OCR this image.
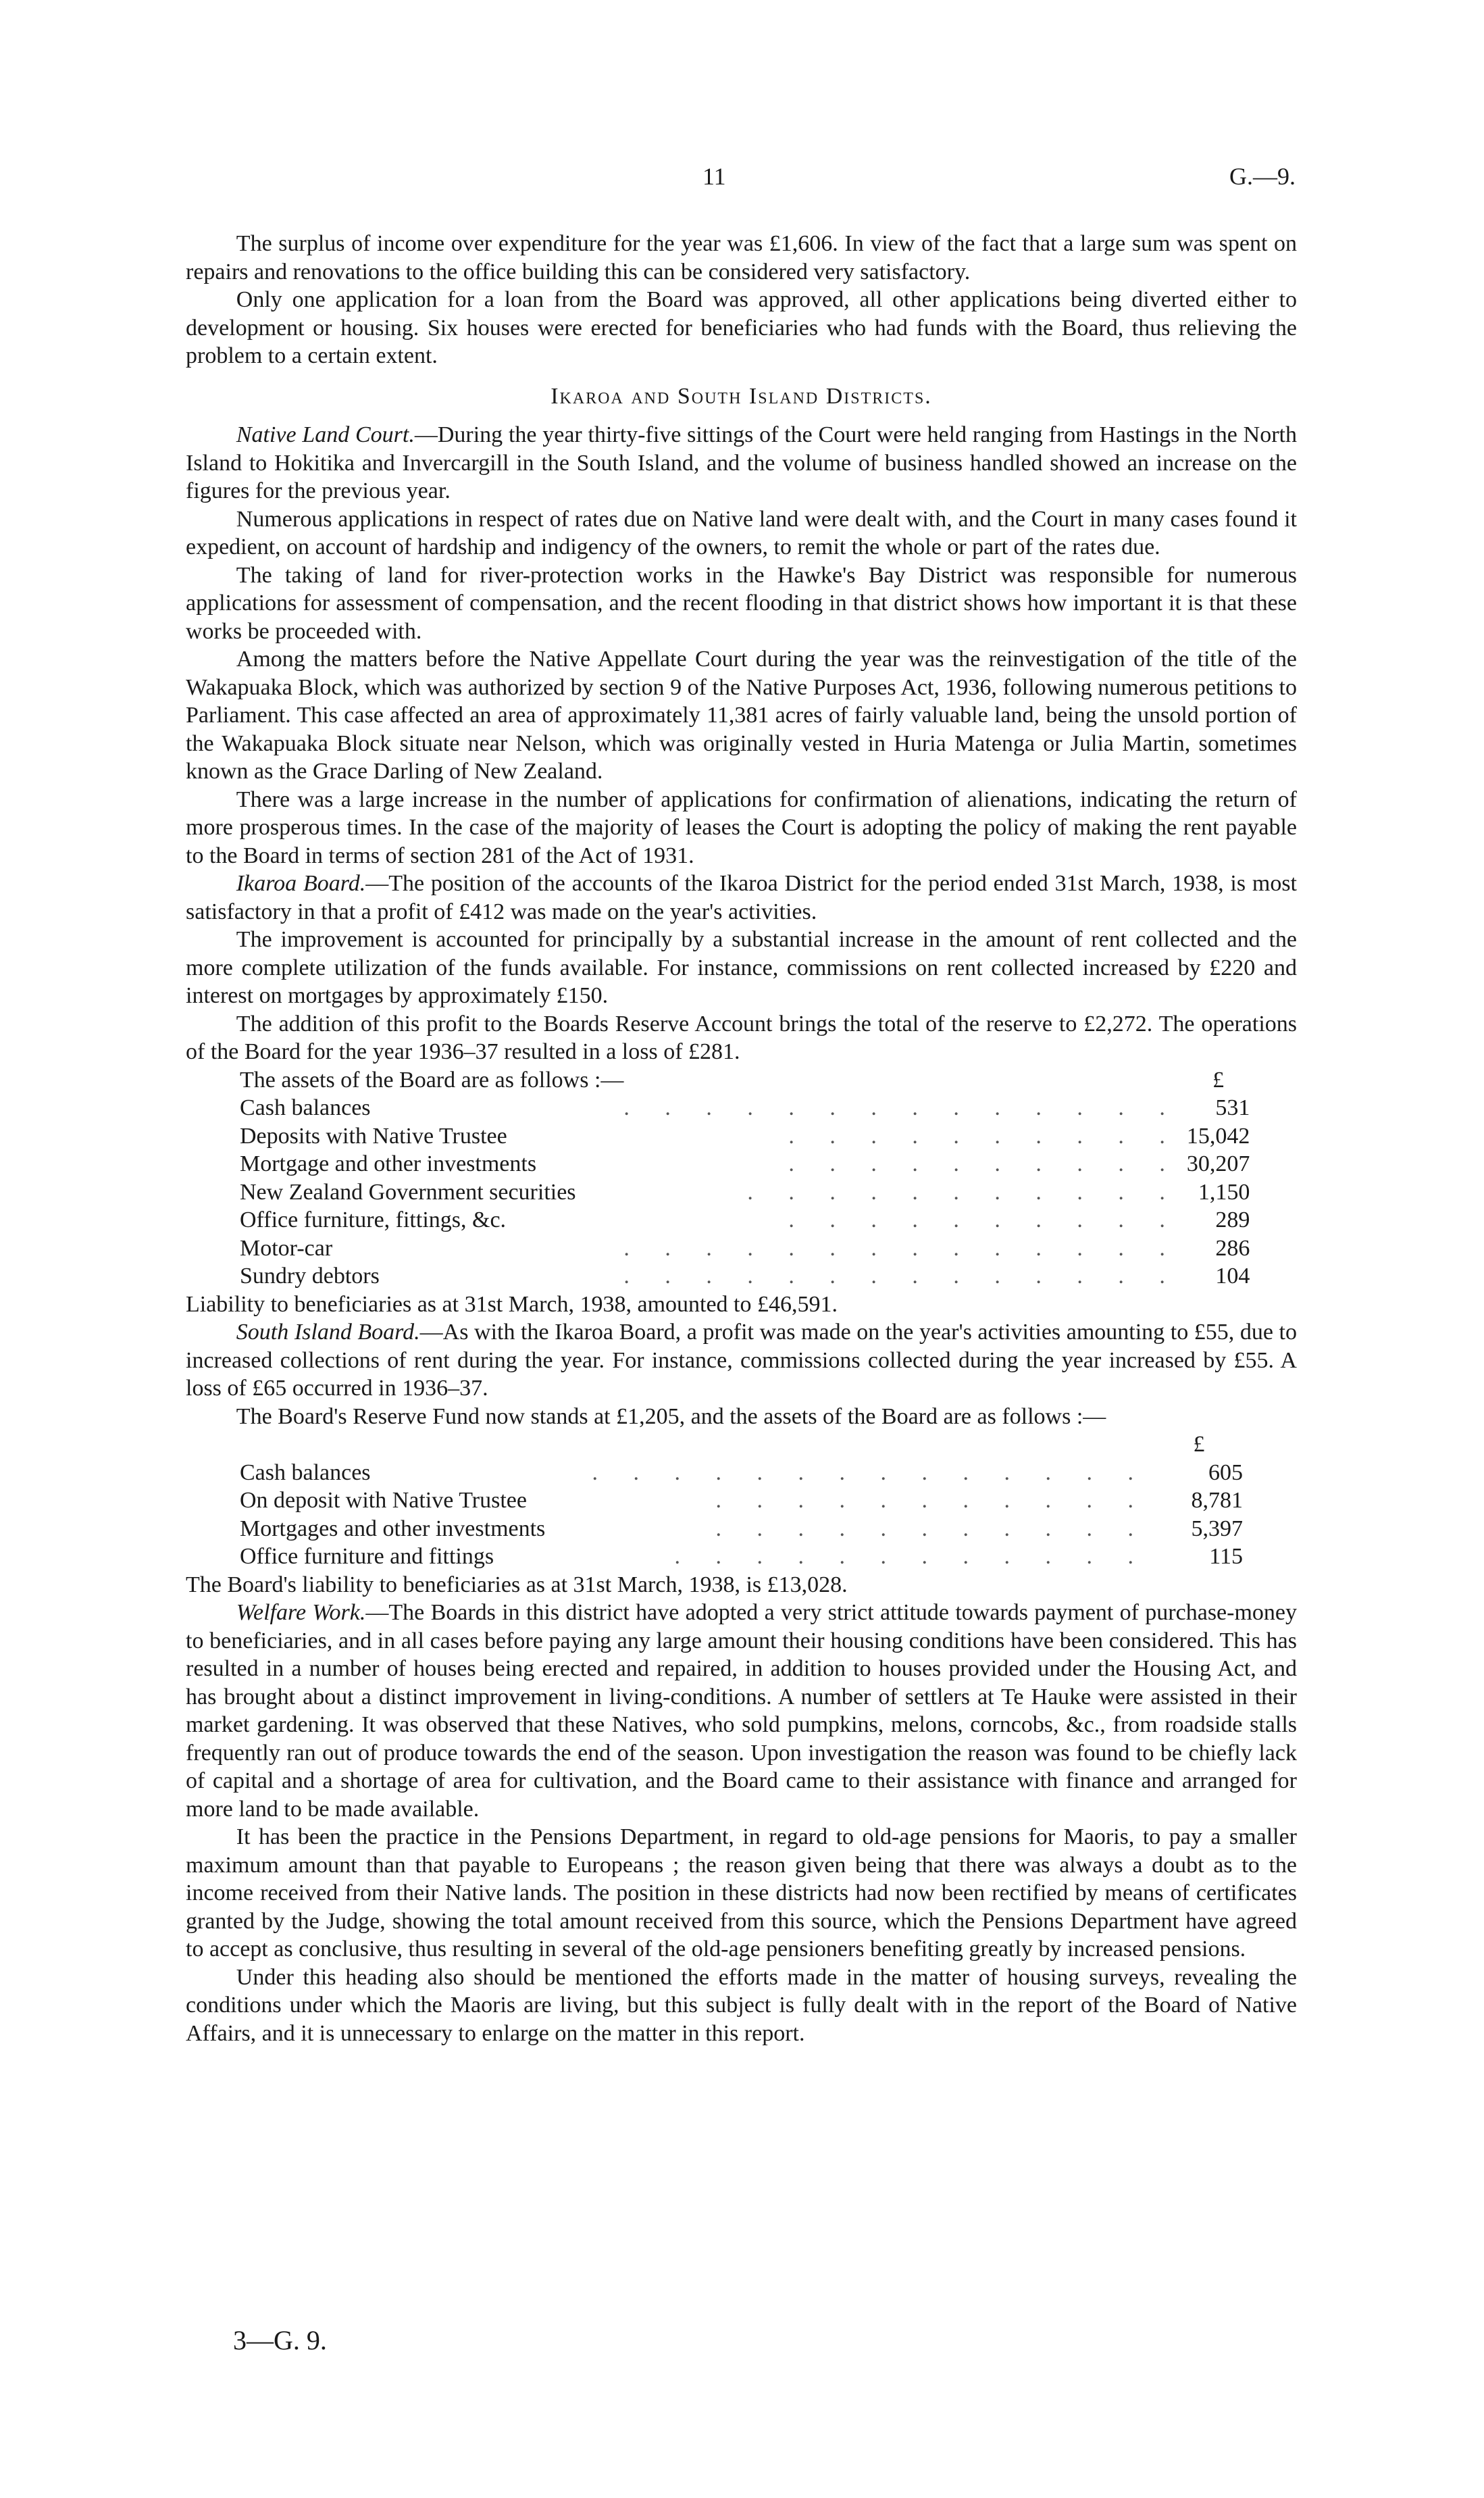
11	G.—9.

The surplus of income over expenditure for the year was £1,606. In view of the fact that a large sum was spent on repairs and renovations to the office building this can be considered very satisfactory.

Only one application for a loan from the Board was approved, all other applications being diverted either to development or housing. Six houses were erected for beneficiaries who had funds with the Board, thus relieving the problem to a certain extent.

Ikaroa and South Island Districts.

Native Land Court.—During the year thirty-five sittings of the Court were held ranging from Hastings in the North Island to Hokitika and Invercargill in the South Island, and the volume of business handled showed an increase on the figures for the previous year.

Numerous applications in respect of rates due on Native land were dealt with, and the Court in many cases found it expedient, on account of hardship and indigency of the owners, to remit the whole or part of the rates due.

The taking of land for river-protection works in the Hawke's Bay District was responsible for numerous applications for assessment of compensation, and the recent flooding in that district shows how important it is that these works be proceeded with.

Among the matters before the Native Appellate Court during the year was the reinvestigation of the title of the Wakapuaka Block, which was authorized by section 9 of the Native Purposes Act, 1936, following numerous petitions to Parliament. This case affected an area of approximately 11,381 acres of fairly valuable land, being the unsold portion of the Wakapuaka Block situate near Nelson, which was originally vested in Huria Matenga or Julia Martin, sometimes known as the Grace Darling of New Zealand.

There was a large increase in the number of applications for confirmation of alienations, indicating the return of more prosperous times. In the case of the majority of leases the Court is adopting the policy of making the rent payable to the Board in terms of section 281 of the Act of 1931.

Ikaroa Board.—The position of the accounts of the Ikaroa District for the period ended 31st March, 1938, is most satisfactory in that a profit of £412 was made on the year's activities.

The improvement is accounted for principally by a substantial increase in the amount of rent collected and the more complete utilization of the funds available. For instance, commissions on rent collected increased by £220 and interest on mortgages by approximately £150.

The addition of this profit to the Boards Reserve Account brings the total of the reserve to £2,272. The operations of the Board for the year 1936–37 resulted in a loss of £281.

The assets of the Board are as follows :—		£
Cash balances	. . . . . . . . . . . . . .	531
Deposits with Native Trustee	. . . . . . . . . .	15,042
Mortgage and other investments	. . . . . . . . . .	30,207
New Zealand Government securities	. . . . . . . . . . .	1,150
Office furniture, fittings, &c.	. . . . . . . . . .	289
Motor-car	. . . . . . . . . . . . . .	286
Sundry debtors	. . . . . . . . . . . . . .	104

Liability to beneficiaries as at 31st March, 1938, amounted to £46,591.

South Island Board.—As with the Ikaroa Board, a profit was made on the year's activities amounting to £55, due to increased collections of rent during the year. For instance, commissions collected during the year increased by £55. A loss of £65 occurred in 1936–37.

The Board's Reserve Fund now stands at £1,205, and the assets of the Board are as follows :—

		£
Cash balances	. . . . . . . . . . . . . .	605
On deposit with Native Trustee	. . . . . . . . . . .	8,781
Mortgages and other investments	. . . . . . . . . . .	5,397
Office furniture and fittings	. . . . . . . . . . . .	115

The Board's liability to beneficiaries as at 31st March, 1938, is £13,028.

Welfare Work.—The Boards in this district have adopted a very strict attitude towards payment of purchase-money to beneficiaries, and in all cases before paying any large amount their housing conditions have been considered. This has resulted in a number of houses being erected and repaired, in addition to houses provided under the Housing Act, and has brought about a distinct improvement in living-conditions. A number of settlers at Te Hauke were assisted in their market gardening. It was observed that these Natives, who sold pumpkins, melons, corncobs, &c., from roadside stalls frequently ran out of produce towards the end of the season. Upon investigation the reason was found to be chiefly lack of capital and a shortage of area for cultivation, and the Board came to their assistance with finance and arranged for more land to be made available.

It has been the practice in the Pensions Department, in regard to old-age pensions for Maoris, to pay a smaller maximum amount than that payable to Europeans ; the reason given being that there was always a doubt as to the income received from their Native lands. The position in these districts had now been rectified by means of certificates granted by the Judge, showing the total amount received from this source, which the Pensions Department have agreed to accept as conclusive, thus resulting in several of the old-age pensioners benefiting greatly by increased pensions.

Under this heading also should be mentioned the efforts made in the matter of housing surveys, revealing the conditions under which the Maoris are living, but this subject is fully dealt with in the report of the Board of Native Affairs, and it is unnecessary to enlarge on the matter in this report.

3—G. 9.
